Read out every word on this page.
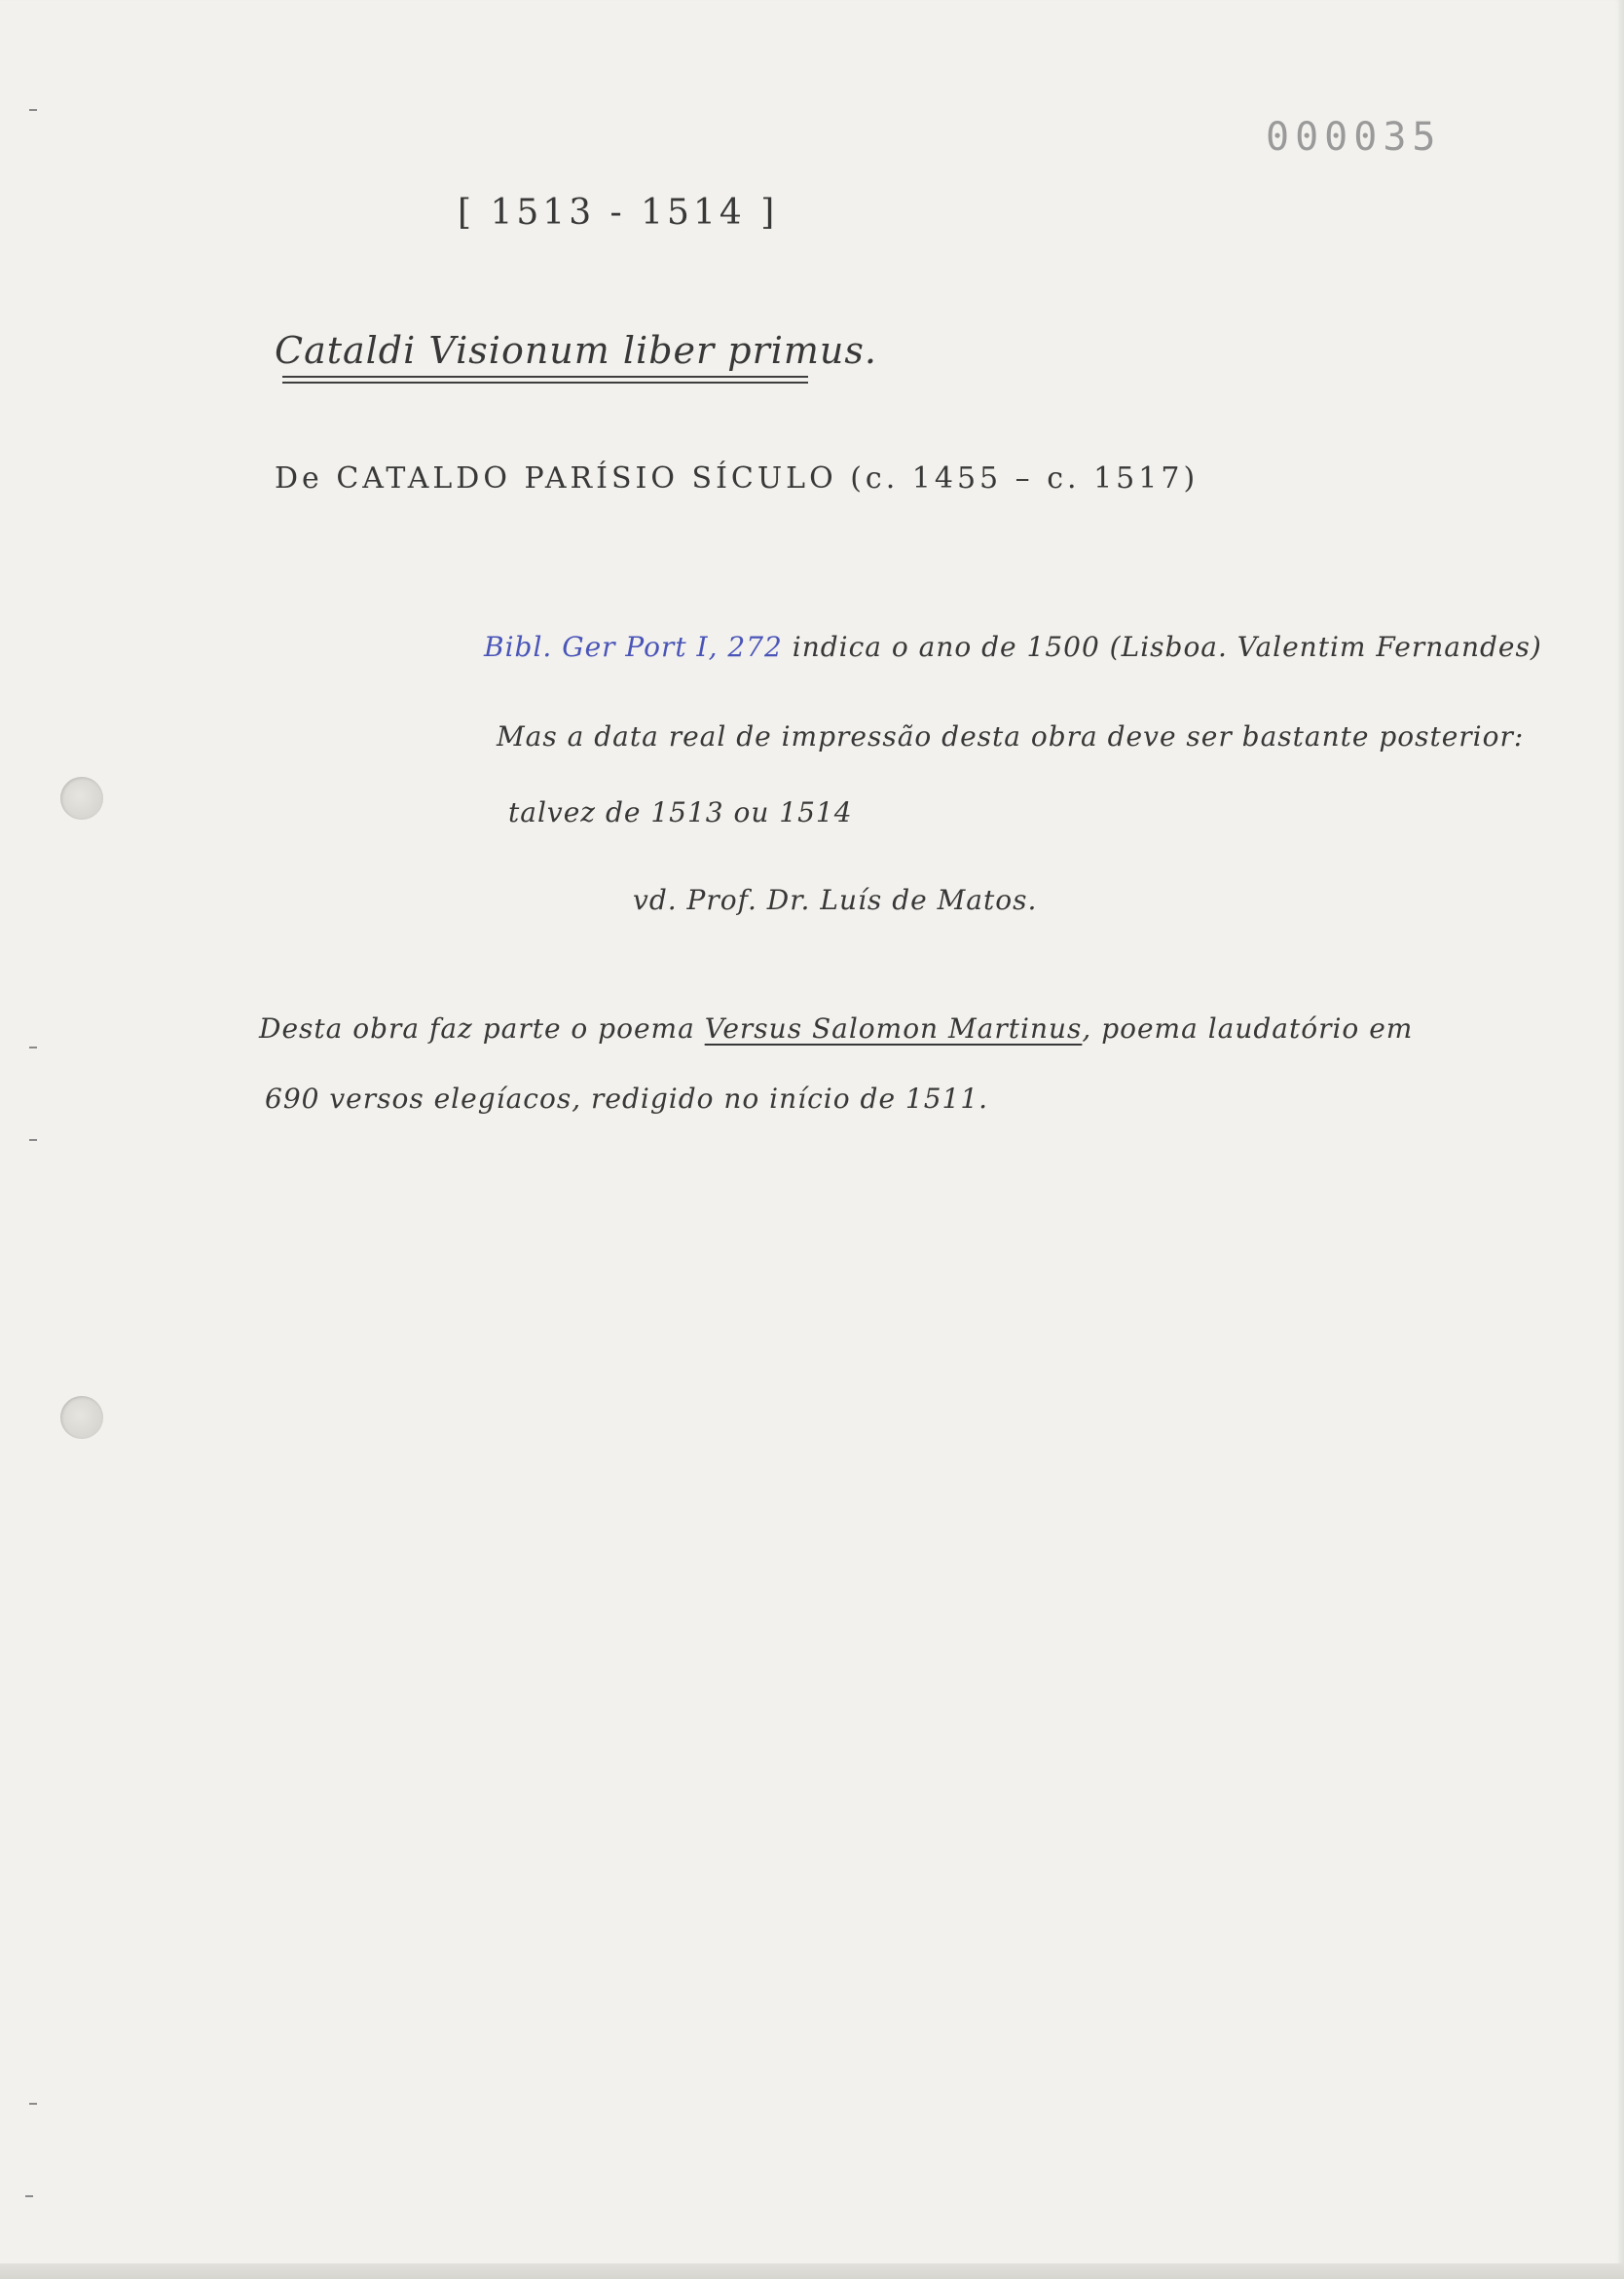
000035
[ 1513 - 1514 ]
Cataldi Visionum liber primus.
De CATALDO PARÍSIO SÍCULO (c. 1455 – c. 1517)
Bibl. Ger Port I, 272 indica o ano de 1500 (Lisboa. Valentim Fernandes)
Mas a data real de impressão desta obra deve ser bastante posterior:
talvez de 1513 ou 1514
vd. Prof. Dr. Luís de Matos.
Desta obra faz parte o poema Versus Salomon Martinus, poema laudatório em
690 versos elegíacos, redigido no início de 1511.
